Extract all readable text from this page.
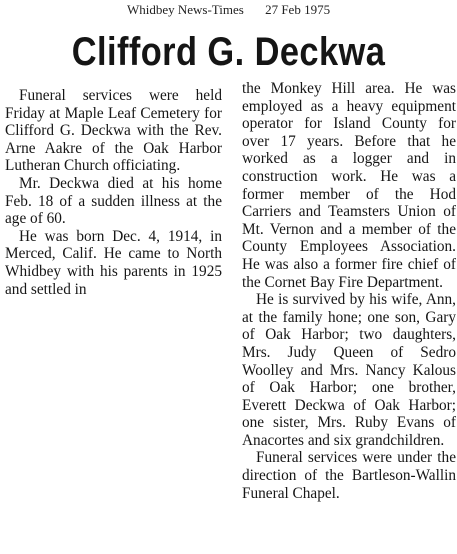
Whidbey News-Times 27 Feb 1975
Clifford G. Deckwa

Funeral services were held Friday at Maple Leaf Cemetery for Clifford G. Deckwa with the Rev. Arne Aakre of the Oak Harbor Lutheran Church officiating.

Mr. Deckwa died at his home Feb. 18 of a sudden illness at the age of 60.

He was born Dec. 4, 1914, in Merced, Calif. He came to North Whidbey with his parents in 1925 and settled in

the Monkey Hill area. He was employed as a heavy equipment operator for Island County for over 17 years. Before that he worked as a logger and in construction work. He was a former member of the Hod Carriers and Teamsters Union of Mt. Vernon and a member of the County Employees Association. He was also a former fire chief of the Cornet Bay Fire Department.

He is survived by his wife, Ann, at the family hone; one son, Gary of Oak Harbor; two daughters, Mrs. Judy Queen of Sedro Woolley and Mrs. Nancy Kalous of Oak Harbor; one brother, Everett Deckwa of Oak Harbor; one sister, Mrs. Ruby Evans of Anacortes and six grandchildren.

Funeral services were under the direction of the Bartleson-Wallin Funeral Chapel.
